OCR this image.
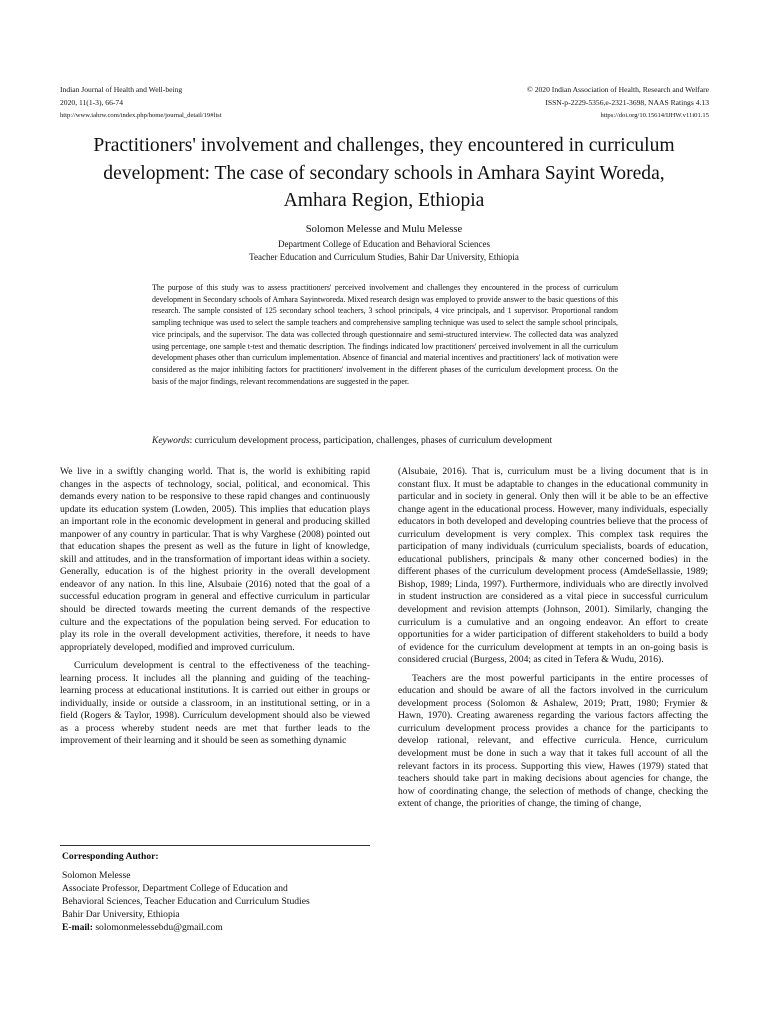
Indian Journal of Health and Well-being
2020, 11(1-3), 66-74
http://www.iahrw.com/index.php/home/journal_detail/19#list
© 2020 Indian Association of Health, Research and Welfare
ISSN-p-2229-5356,e-2321-3698, NAAS Ratings 4.13
https://doi.org/10.15614/IJHW.v11i01.15
Practitioners' involvement and challenges, they encountered in curriculum development: The case of secondary schools in Amhara Sayint Woreda, Amhara Region, Ethiopia
Solomon Melesse and Mulu Melesse
Department College of Education and Behavioral Sciences
Teacher Education and Curriculum Studies, Bahir Dar University, Ethiopia

The purpose of this study was to assess practitioners' perceived involvement and challenges they encountered in the process of curriculum development in Secondary schools of Amhara Sayintworeda. Mixed research design was employed to provide answer to the basic questions of this research. The sample consisted of 125 secondary school teachers, 3 school principals, 4 vice principals, and 1 supervisor. Proportional random sampling technique was used to select the sample teachers and comprehensive sampling technique was used to select the sample school principals, vice principals, and the supervisor. The data was collected through questionnaire and semi-structured interview. The collected data was analyzed using percentage, one sample t-test and thematic description. The findings indicated low practitioners' perceived involvement in all the curriculum development phases other than curriculum implementation. Absence of financial and material incentives and practitioners' lack of motivation were considered as the major inhibiting factors for practitioners' involvement in the different phases of the curriculum development process. On the basis of the major findings, relevant recommendations are suggested in the paper.

Keywords: curriculum development process, participation, challenges, phases of curriculum development

We live in a swiftly changing world. That is, the world is exhibiting rapid changes in the aspects of technology, social, political, and economical. This demands every nation to be responsive to these rapid changes and continuously update its education system (Lowden, 2005). This implies that education plays an important role in the economic development in general and producing skilled manpower of any country in particular. That is why Varghese (2008) pointed out that education shapes the present as well as the future in light of knowledge, skill and attitudes, and in the transformation of important ideas within a society. Generally, education is of the highest priority in the overall development endeavor of any nation. In this line, Alsubaie (2016) noted that the goal of a successful education program in general and effective curriculum in particular should be directed towards meeting the current demands of the respective culture and the expectations of the population being served. For education to play its role in the overall development activities, therefore, it needs to have appropriately developed, modified and improved curriculum.

Curriculum development is central to the effectiveness of the teaching-learning process. It includes all the planning and guiding of the teaching-learning process at educational institutions. It is carried out either in groups or individually, inside or outside a classroom, in an institutional setting, or in a field (Rogers & Taylor, 1998). Curriculum development should also be viewed as a process whereby student needs are met that further leads to the improvement of their learning and it should be seen as something dynamic

(Alsubaie, 2016). That is, curriculum must be a living document that is in constant flux. It must be adaptable to changes in the educational community in particular and in society in general. Only then will it be able to be an effective change agent in the educational process. However, many individuals, especially educators in both developed and developing countries believe that the process of curriculum development is very complex. This complex task requires the participation of many individuals (curriculum specialists, boards of education, educational publishers, principals & many other concerned bodies) in the different phases of the curriculum development process (AmdeSellassie, 1989; Bishop, 1989; Linda, 1997). Furthermore, individuals who are directly involved in student instruction are considered as a vital piece in successful curriculum development and revision attempts (Johnson, 2001). Similarly, changing the curriculum is a cumulative and an ongoing endeavor. An effort to create opportunities for a wider participation of different stakeholders to build a body of evidence for the curriculum development at tempts in an on-going basis is considered crucial (Burgess, 2004; as cited in Tefera & Wudu, 2016).

Teachers are the most powerful participants in the entire processes of education and should be aware of all the factors involved in the curriculum development process (Solomon & Ashalew, 2019; Pratt, 1980; Frymier & Hawn, 1970). Creating awareness regarding the various factors affecting the curriculum development process provides a chance for the participants to develop rational, relevant, and effective curricula. Hence, curriculum development must be done in such a way that it takes full account of all the relevant factors in its process. Supporting this view, Hawes (1979) stated that teachers should take part in making decisions about agencies for change, the how of coordinating change, the selection of methods of change, checking the extent of change, the priorities of change, the timing of change,

Corresponding Author:
Solomon Melesse
Associate Professor, Department College of Education and
Behavioral Sciences, Teacher Education and Curriculum Studies
Bahir Dar University, Ethiopia
E-mail: solomonmelessebdu@gmail.com
